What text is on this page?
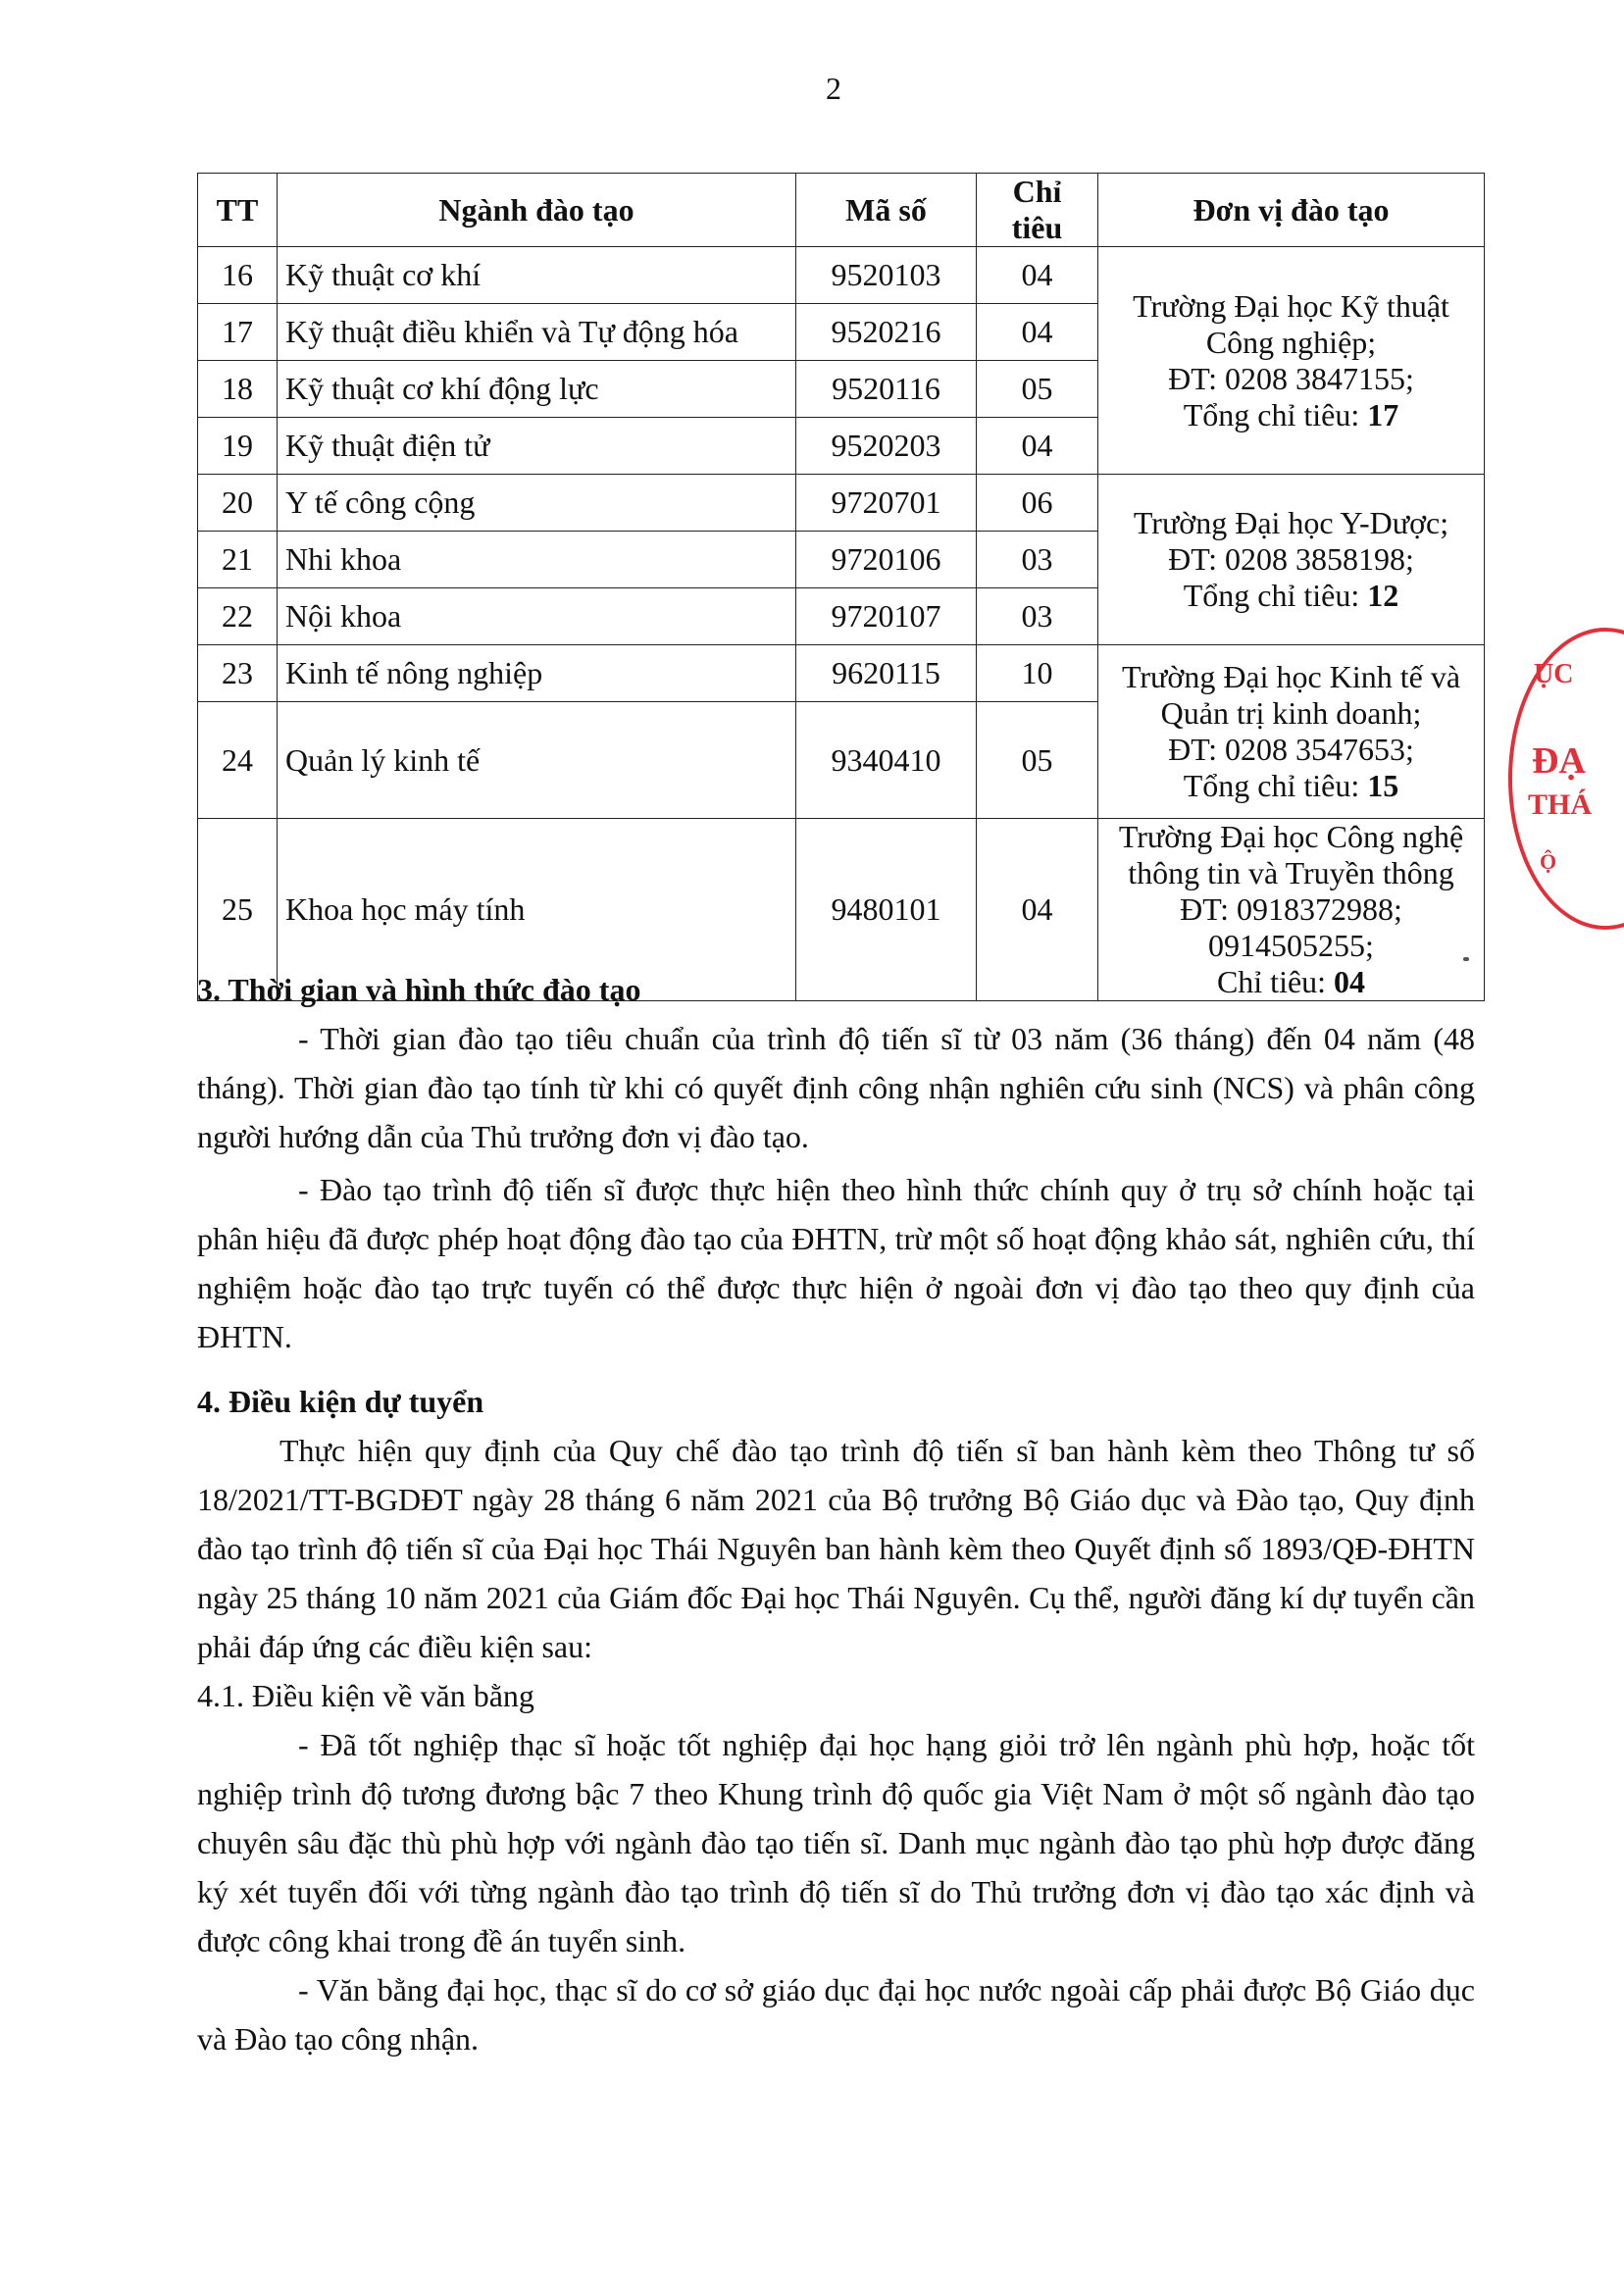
2
TT	Ngành đào tạo	Mã số	Chỉ tiêu	Đơn vị đào tạo
16	Kỹ thuật cơ khí	9520103	04	Trường Đại học Kỹ thuật Công nghiệp;
ĐT: 0208 3847155;
Tổng chỉ tiêu: 17

17	Kỹ thuật điều khiển và Tự động hóa	9520216	04	
18	Kỹ thuật cơ khí động lực	9520116	05	
19	Kỹ thuật điện tử	9520203	04	
20	Y tế công cộng	9720701	06	Trường Đại học Y-Dược;
ĐT: 0208 3858198;
Tổng chỉ tiêu: 12

21	Nhi khoa	9720106	03	
22	Nội khoa	9720107	03	
23	Kinh tế nông nghiệp	9620115	10	Trường Đại học Kinh tế và Quản trị kinh doanh;
ĐT: 0208 3547653;
Tổng chỉ tiêu: 15

24	Quản lý kinh tế	9340410	05	
25	Khoa học máy tính	9480101	04	Trường Đại học Công nghệ thông tin và Truyền thông
ĐT: 0918372988; 0914505255;
Chỉ tiêu: 04
ỤC
ĐẠ
THÁ
Ộ
3. Thời gian và hình thức đào tạo

- Thời gian đào tạo tiêu chuẩn của trình độ tiến sĩ từ 03 năm (36 tháng) đến 04 năm (48 tháng). Thời gian đào tạo tính từ khi có quyết định công nhận nghiên cứu sinh (NCS) và phân công người hướng dẫn của Thủ trưởng đơn vị đào tạo.

- Đào tạo trình độ tiến sĩ được thực hiện theo hình thức chính quy ở trụ sở chính hoặc tại phân hiệu đã được phép hoạt động đào tạo của ĐHTN, trừ một số hoạt động khảo sát, nghiên cứu, thí nghiệm hoặc đào tạo trực tuyến có thể được thực hiện ở ngoài đơn vị đào tạo theo quy định của ĐHTN.

4. Điều kiện dự tuyển

Thực hiện quy định của Quy chế đào tạo trình độ tiến sĩ ban hành kèm theo Thông tư số 18/2021/TT-BGDĐT ngày 28 tháng 6 năm 2021 của Bộ trưởng Bộ Giáo dục và Đào tạo, Quy định đào tạo trình độ tiến sĩ của Đại học Thái Nguyên ban hành kèm theo Quyết định số 1893/QĐ-ĐHTN ngày 25 tháng 10 năm 2021 của Giám đốc Đại học Thái Nguyên. Cụ thể, người đăng kí dự tuyển cần phải đáp ứng các điều kiện sau:

4.1. Điều kiện về văn bằng

- Đã tốt nghiệp thạc sĩ hoặc tốt nghiệp đại học hạng giỏi trở lên ngành phù hợp, hoặc tốt nghiệp trình độ tương đương bậc 7 theo Khung trình độ quốc gia Việt Nam ở một số ngành đào tạo chuyên sâu đặc thù phù hợp với ngành đào tạo tiến sĩ. Danh mục ngành đào tạo phù hợp được đăng ký xét tuyển đối với từng ngành đào tạo trình độ tiến sĩ do Thủ trưởng đơn vị đào tạo xác định và được công khai trong đề án tuyển sinh.

- Văn bằng đại học, thạc sĩ do cơ sở giáo dục đại học nước ngoài cấp phải được Bộ Giáo dục và Đào tạo công nhận.
